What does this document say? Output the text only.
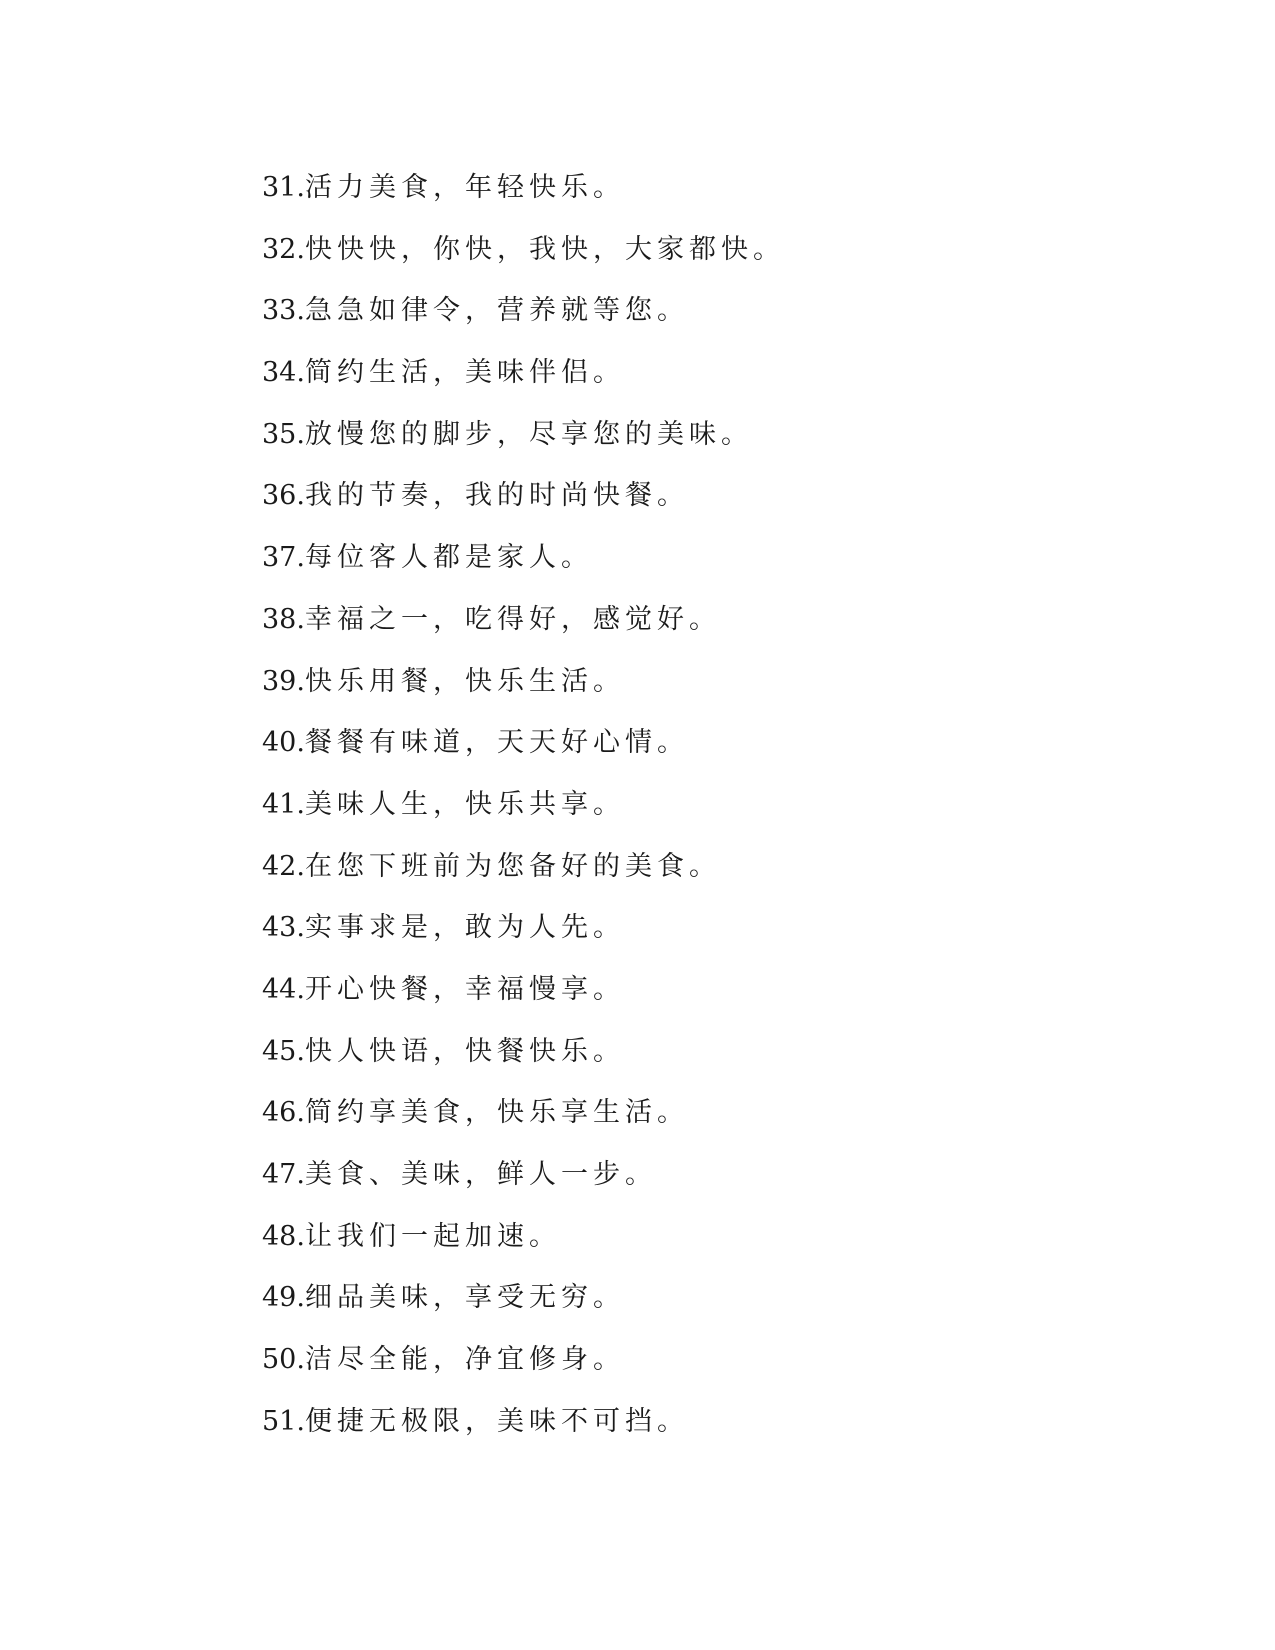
31.活力美食，年轻快乐。
32.快快快，你快，我快，大家都快。
33.急急如律令，营养就等您。
34.简约生活，美味伴侣。
35.放慢您的脚步，尽享您的美味。
36.我的节奏，我的时尚快餐。
37.每位客人都是家人。
38.幸福之一，吃得好，感觉好。
39.快乐用餐，快乐生活。
40.餐餐有味道，天天好心情。
41.美味人生，快乐共享。
42.在您下班前为您备好的美食。
43.实事求是，敢为人先。
44.开心快餐，幸福慢享。
45.快人快语，快餐快乐。
46.简约享美食，快乐享生活。
47.美食、美味，鲜人一步。
48.让我们一起加速。
49.细品美味，享受无穷。
50.洁尽全能，净宜修身。
51.便捷无极限，美味不可挡。
